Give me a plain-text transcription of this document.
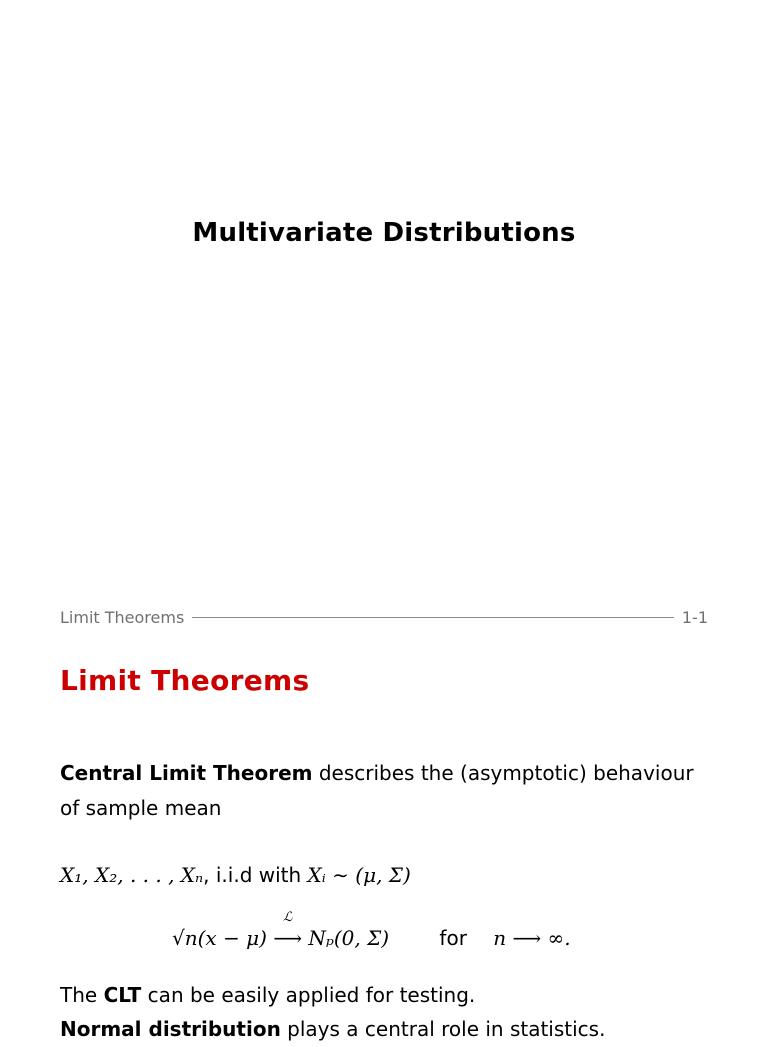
Multivariate Distributions
Limit Theorems	1-1
Limit Theorems
Central Limit Theorem describes the (asymptotic) behaviour of sample mean
X₁, X₂, . . . , Xₙ, i.i.d with Xᵢ ∼ (μ, Σ)
√n(x − μ)
ℒ
⟶ Nₚ(0, Σ)	for n ⟶ ∞.
The CLT can be easily applied for testing.
Normal distribution plays a central role in statistics.
